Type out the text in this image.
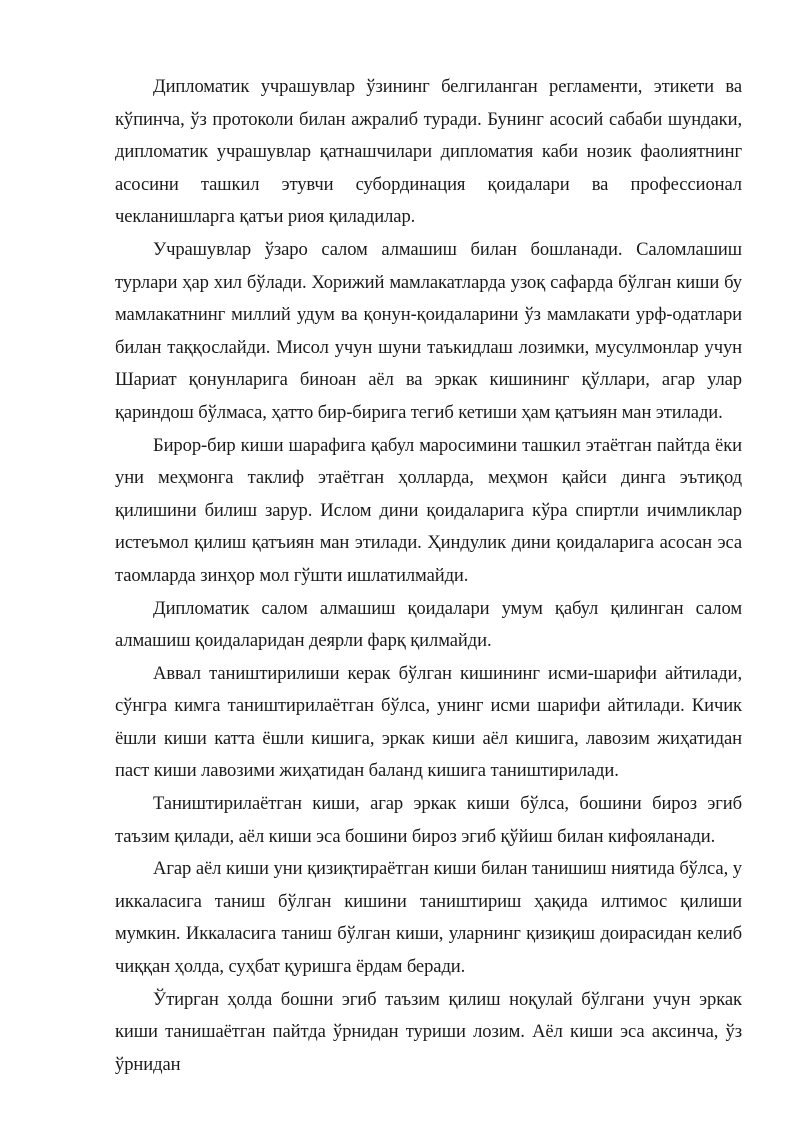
Дипломатик учрашувлар ўзининг белгиланган регламенти, этикети ва кўпинча, ўз протоколи билан ажралиб туради. Бунинг асосий сабаби шундаки, дипломатик учрашувлар қатнашчилари дипломатия каби нозик фаолиятнинг асосини ташкил этувчи субординация қоидалари ва профессионал чекланишларга қатъи риоя қиладилар.

Учрашувлар ўзаро салом алмашиш билан бошланади. Саломлашиш турлари ҳар хил бўлади. Хорижий мамлакатларда узоқ сафарда бўлган киши бу мамлакатнинг миллий удум ва қонун-қоидаларини ўз мамлакати урф-одатлари билан таққослайди. Мисол учун шуни таъкидлаш лозимки, мусулмонлар учун Шариат қонунларига биноан аёл ва эркак кишининг қўллари, агар улар қариндош бўлмаса, ҳатто бир-бирига тегиб кетиши ҳам қатъиян ман этилади.

Бирор-бир киши шарафига қабул маросимини ташкил этаётган пайтда ёки уни меҳмонга таклиф этаётган ҳолларда, меҳмон қайси динга эътиқод қилишини билиш зарур. Ислом дини қоидаларига кўра спиртли ичимликлар истеъмол қилиш қатъиян ман этилади. Ҳиндулик дини қоидаларига асосан эса таомларда зинҳор мол гўшти ишлатилмайди.

Дипломатик салом алмашиш қоидалари умум қабул қилинган салом алмашиш қоидаларидан деярли фарқ қилмайди.

Аввал таништирилиши керак бўлган кишининг исми-шарифи айтилади, сўнгра кимга таништирилаётган бўлса, унинг исми шарифи айтилади. Кичик ёшли киши катта ёшли кишига, эркак киши аёл кишига, лавозим жиҳатидан паст киши лавозими жиҳатидан баланд кишига таништирилади.

Таништирилаётган киши, агар эркак киши бўлса, бошини бироз эгиб таъзим қилади, аёл киши эса бошини бироз эгиб қўйиш билан кифояланади.

Агар аёл киши уни қизиқтираётган киши билан танишиш ниятида бўлса, у иккаласига таниш бўлган кишини таништириш ҳақида илтимос қилиши мумкин. Иккаласига таниш бўлган киши, уларнинг қизиқиш доирасидан келиб чиққан ҳолда, суҳбат қуришга ёрдам беради.

Ўтирган ҳолда бошни эгиб таъзим қилиш ноқулай бўлгани учун эркак киши танишаётган пайтда ўрнидан туриши лозим. Аёл киши эса аксинча, ўз ўрнидан
